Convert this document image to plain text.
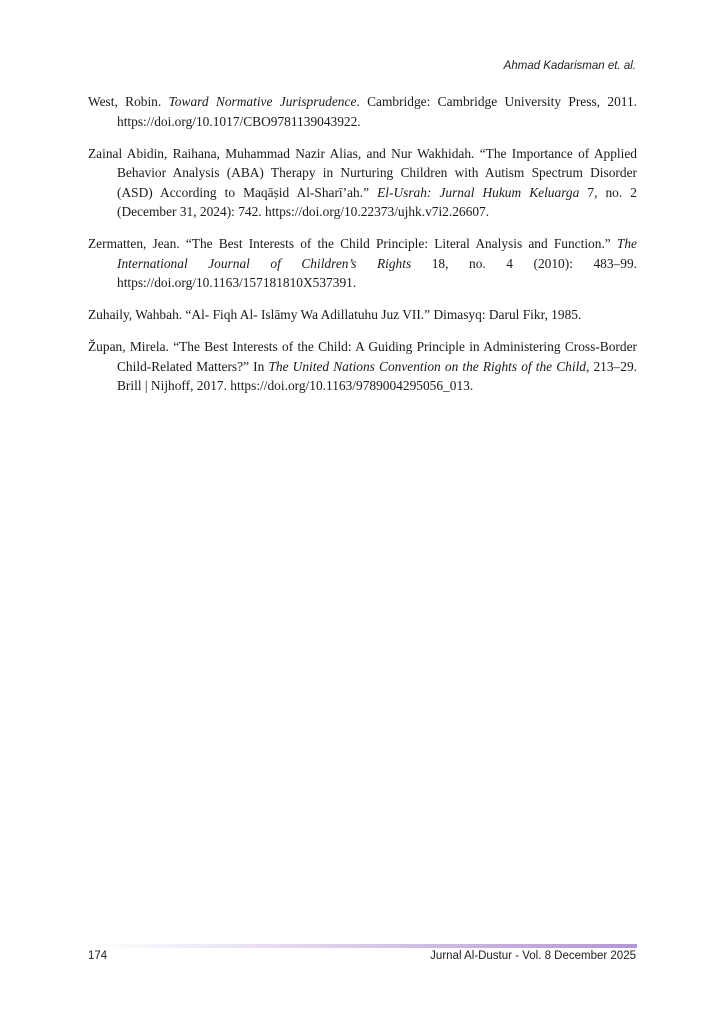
Ahmad Kadarisman et. al.

West, Robin. Toward Normative Jurisprudence. Cambridge: Cambridge University Press, 2011. https://doi.org/10.1017/CBO9781139043922.

Zainal Abidin, Raihana, Muhammad Nazir Alias, and Nur Wakhidah. “The Importance of Applied Behavior Analysis (ABA) Therapy in Nurturing Children with Autism Spectrum Disorder (ASD) According to Maqāṣid Al-Sharī’ah.” El-Usrah: Jurnal Hukum Keluarga 7, no. 2 (December 31, 2024): 742. https://doi.org/10.22373/ujhk.v7i2.26607.

Zermatten, Jean. “The Best Interests of the Child Principle: Literal Analysis and Function.” The International Journal of Children’s Rights 18, no. 4 (2010): 483–99. https://doi.org/10.1163/157181810X537391.

Zuhaily, Wahbah. “Al- Fiqh Al- Islāmy Wa Adillatuhu Juz VII.” Dimasyq: Darul Fikr, 1985.

Župan, Mirela. “The Best Interests of the Child: A Guiding Principle in Administering Cross-Border Child-Related Matters?” In The United Nations Convention on the Rights of the Child, 213–29. Brill | Nijhoff, 2017. https://doi.org/10.1163/9789004295056_013.

174	Jurnal Al-Dustur - Vol. 8 December 2025
